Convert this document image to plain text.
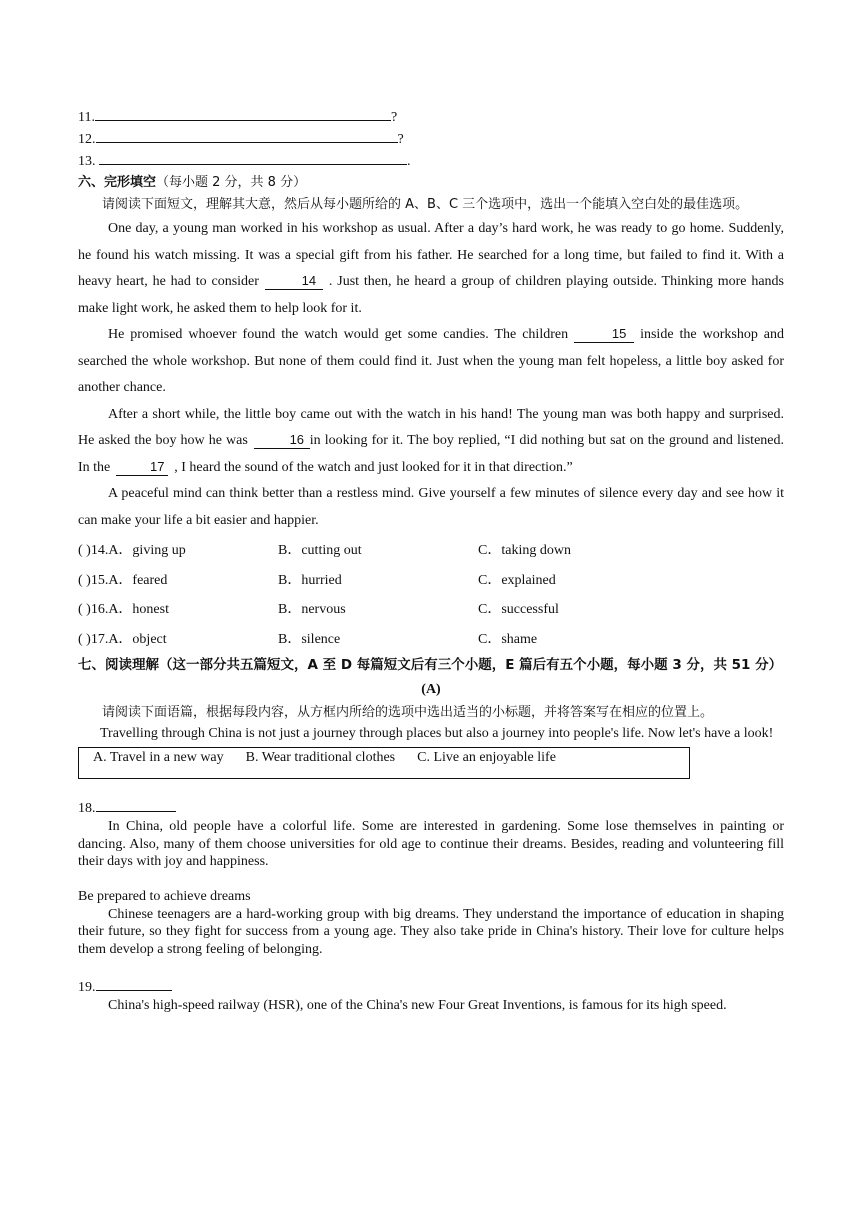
11.	?
12.	?
13.	.
六、完形填空（每小题 2 分，共 8 分）
请阅读下面短文，理解其大意，然后从每小题所给的 A、B、C 三个选项中，选出一个能填入空白处的最佳选项。
One day, a young man worked in his workshop as usual. After a day’s hard work, he was ready to go home. Suddenly, he found his watch missing. It was a special gift from his father. He searched for a long time, but failed to find it. With a heavy heart, he had to consider	14 . Just then, he heard a group of children playing outside. Thinking more hands make light work, he asked them to help look for it.
He promised whoever found the watch would get some candies. The children	15 inside the workshop and searched the whole workshop. But none of them could find it. Just when the young man felt hopeless, a little boy asked for another chance.
After a short while, the little boy came out with the watch in his hand! The young man was both happy and surprised. He asked the boy how he was	16 in looking for it. The boy replied, “I did nothing but sat on the ground and listened. In the	17 , I heard the sound of the watch and just looked for it in that direction.”
A peaceful mind can think better than a restless mind. Give yourself a few minutes of silence every day and see how it can make your life a bit easier and happier.
( )14.A．giving up	B．cutting out	C．taking down
( )15.A．feared	B．hurried	C．explained
( )16.A．honest	B．nervous	C．successful
( )17.A．object	B．silence	C．shame
七、阅读理解（这一部分共五篇短文，A 至 D 每篇短文后有三个小题，E 篇后有五个小题，每小题 3 分，共 51 分）
(A)
请阅读下面语篇，根据每段内容，从方框内所给的选项中选出适当的小标题，并将答案写在相应的位置上。
Travelling through China is not just a journey through places but also a journey into people's life. Now let's have a look!
A. Travel in a new way B. Wear traditional clothes C. Live an enjoyable life
18.
In China, old people have a colorful life. Some are interested in gardening. Some lose themselves in painting or dancing. Also, many of them choose universities for old age to continue their dreams. Besides, reading and volunteering fill their days with joy and happiness.
Be prepared to achieve dreams
Chinese teenagers are a hard-working group with big dreams. They understand the importance of education in shaping their future, so they fight for success from a young age. They also take pride in China's history. Their love for culture helps them develop a strong feeling of belonging.
19.
China's high-speed railway (HSR), one of the China's new Four Great Inventions, is famous for its high speed.
